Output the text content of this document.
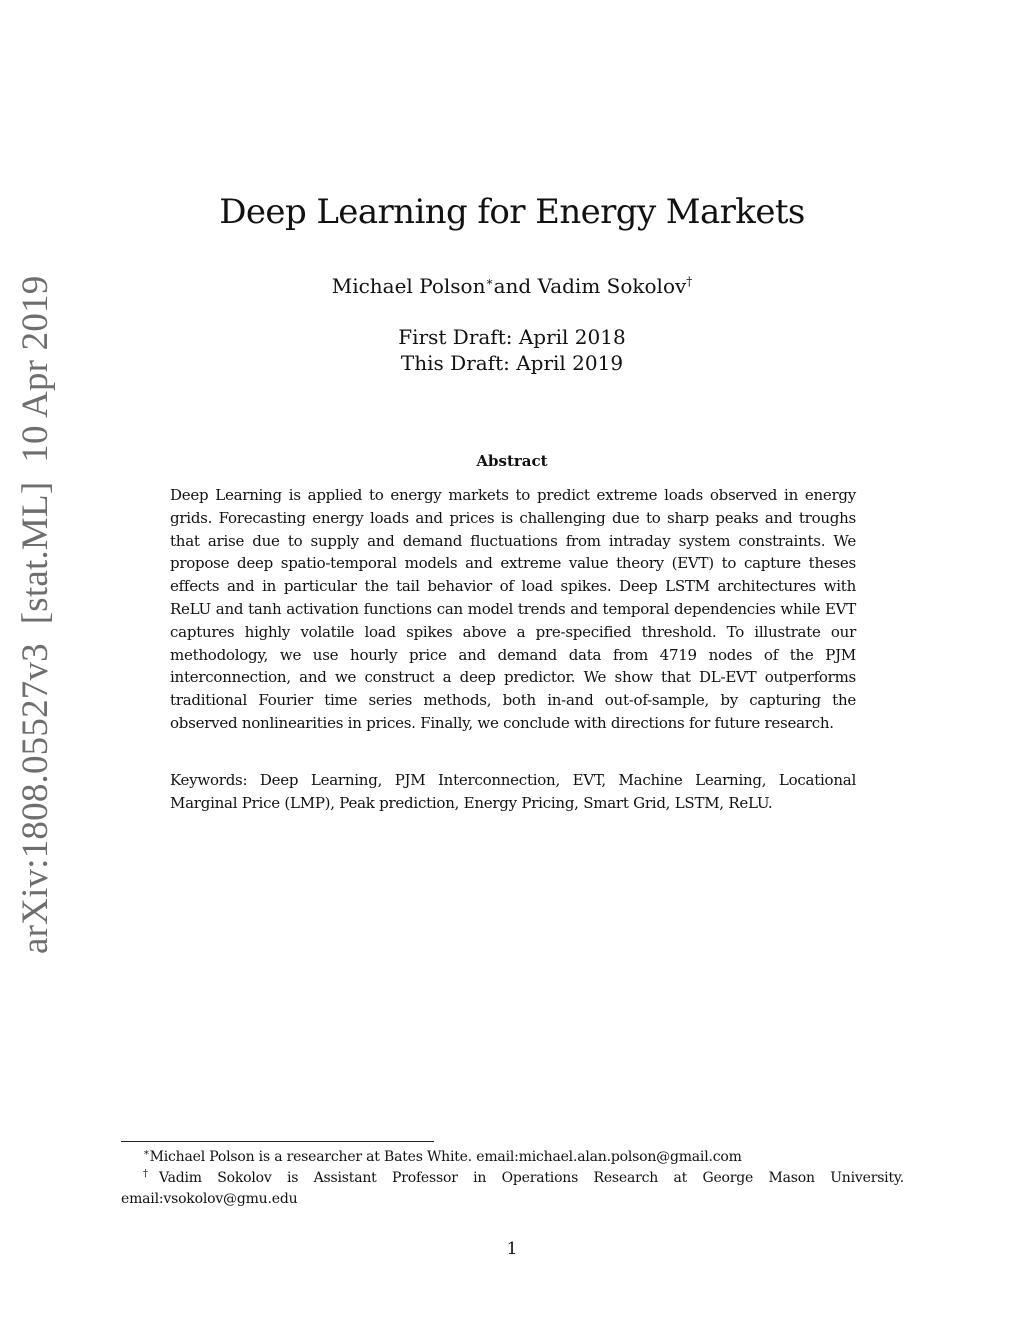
arXiv:1808.05527v3  [stat.ML]  10 Apr 2019
Deep Learning for Energy Markets
Michael Polson∗and Vadim Sokolov†
First Draft: April 2018
This Draft: April 2019
Abstract
Deep Learning is applied to energy markets to predict extreme loads observed in energy grids. Forecasting energy loads and prices is challenging due to sharp peaks and troughs that arise due to supply and demand fluctuations from intraday system constraints. We propose deep spatio-temporal models and extreme value theory (EVT) to capture theses effects and in particular the tail behavior of load spikes. Deep LSTM architectures with ReLU and tanh activation functions can model trends and temporal dependencies while EVT captures highly volatile load spikes above a pre-specified threshold. To illustrate our methodology, we use hourly price and demand data from 4719 nodes of the PJM interconnection, and we construct a deep predictor. We show that DL-EVT outperforms traditional Fourier time series methods, both in-and out-of-sample, by capturing the observed nonlinearities in prices. Finally, we conclude with directions for future research.
Keywords: Deep Learning, PJM Interconnection, EVT, Machine Learning, Locational Marginal Price (LMP), Peak prediction, Energy Pricing, Smart Grid, LSTM, ReLU.

∗Michael Polson is a researcher at Bates White. email:michael.alan.polson@gmail.com

†Vadim Sokolov is Assistant Professor in Operations Research at George Mason University. email:vsokolov@gmu.edu

1
